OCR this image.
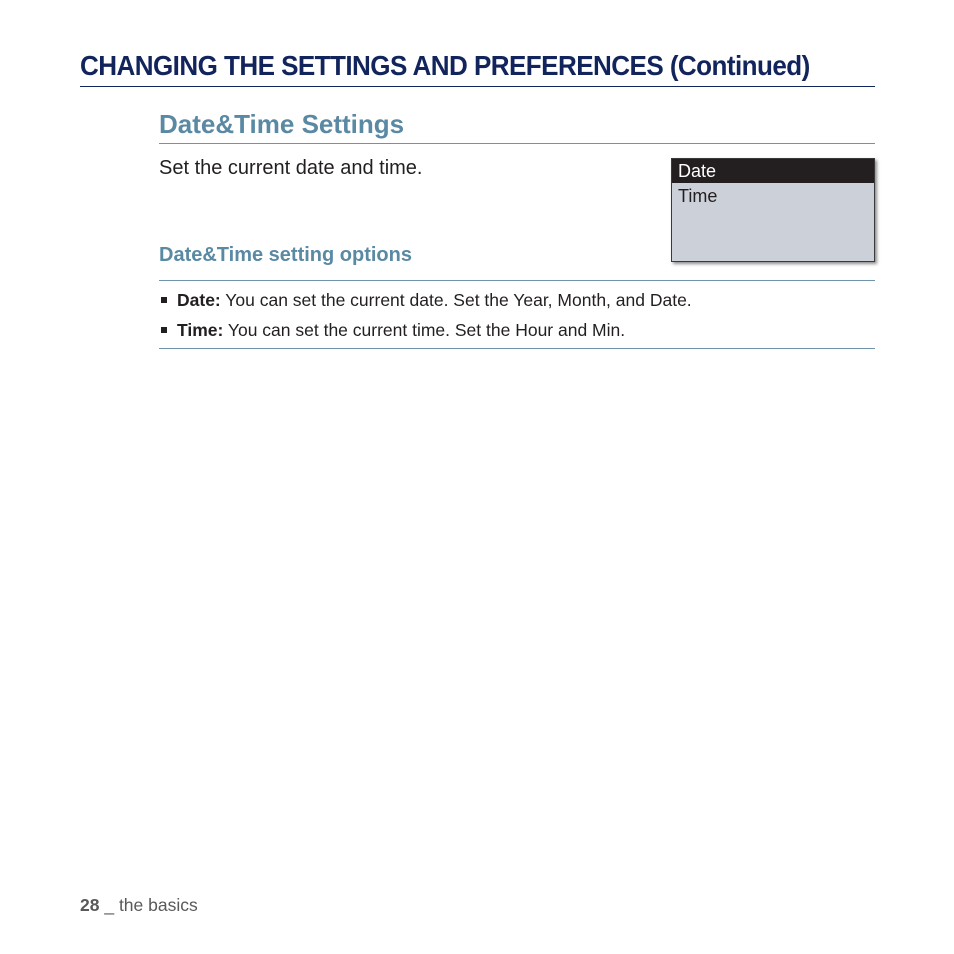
CHANGING THE SETTINGS AND PREFERENCES (Continued)
Date&Time Settings
Set the current date and time.	Date
Time
Date&Time setting options
Date: You can set the current date. Set the Year, Month, and Date.
Time: You can set the current time. Set the Hour and Min.
28 _ the basics
